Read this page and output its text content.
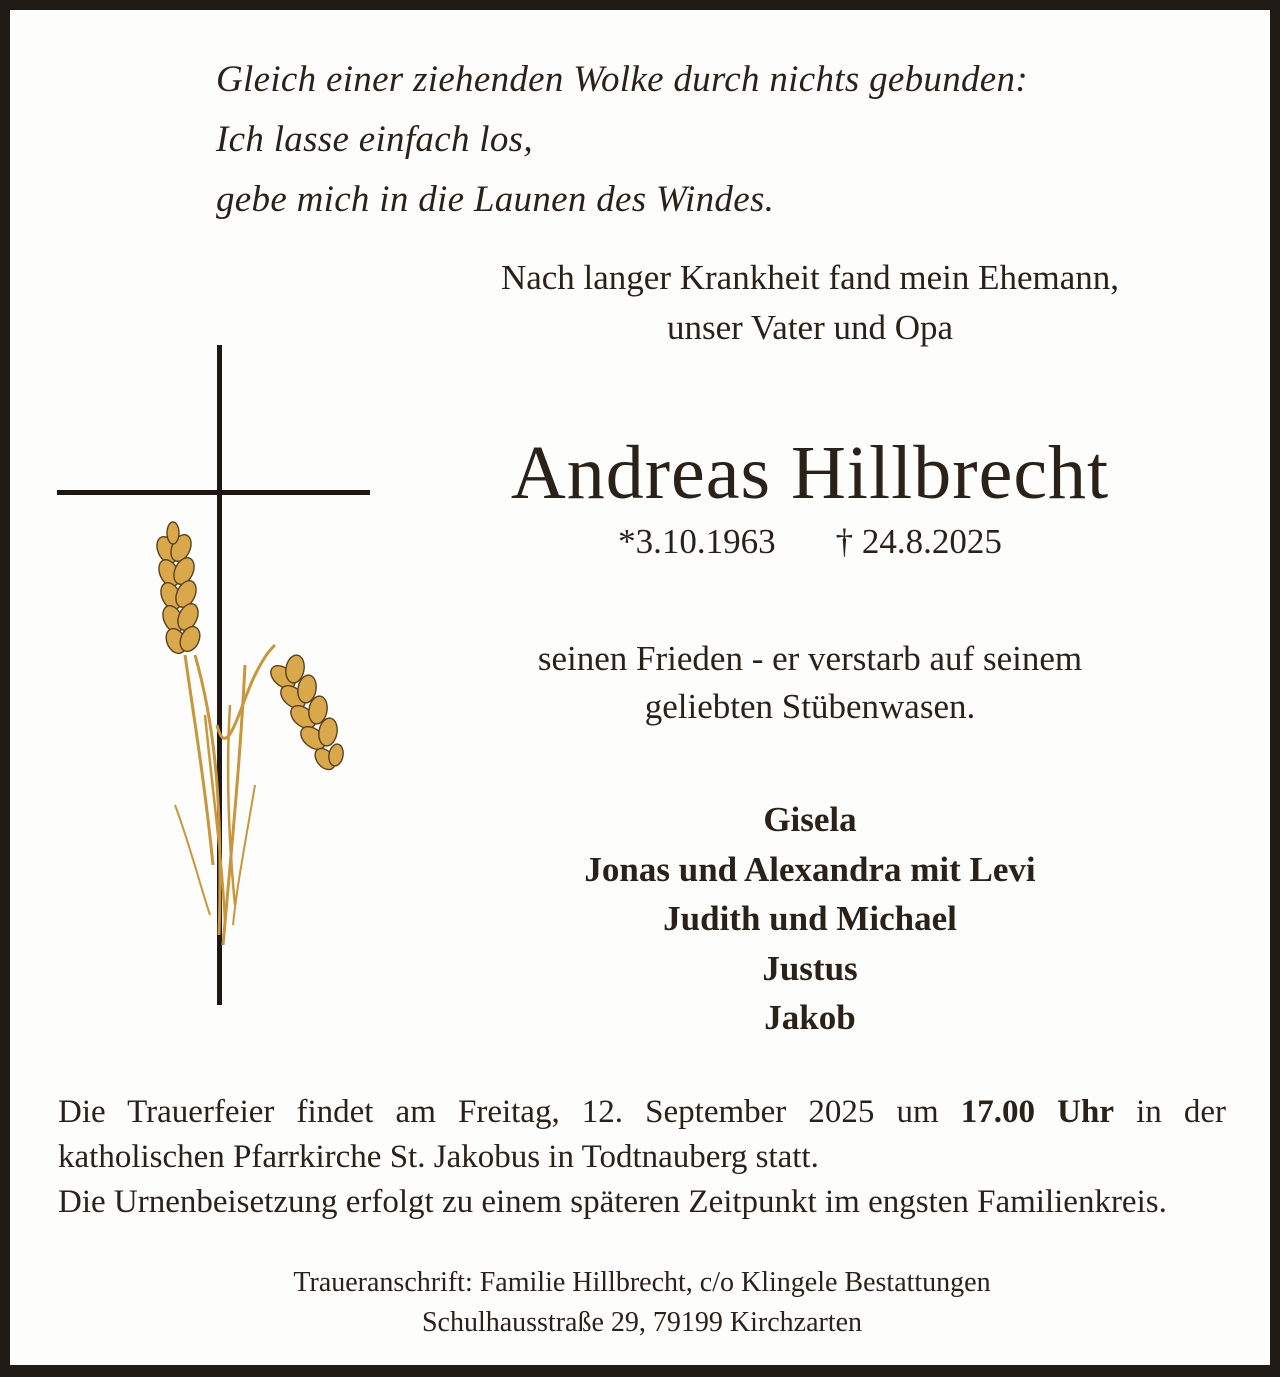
Gleich einer ziehenden Wolke durch nichts gebunden:
Ich lasse einfach los,
gebe mich in die Launen des Windes.
Nach langer Krankheit fand mein Ehemann,
unser Vater und Opa
Andreas Hillbrecht
*3.10.1963 † 24.8.2025
seinen Frieden - er verstarb auf seinem
geliebten Stübenwasen.
Gisela
Jonas und Alexandra mit Levi
Judith und Michael
Justus
Jakob

Die Trauerfeier findet am Freitag, 12. September 2025 um 17.00 Uhr in der katholischen Pfarrkirche St. Jakobus in Todtnauberg statt.

Die Urnenbeisetzung erfolgt zu einem späteren Zeitpunkt im engsten Familienkreis.

Traueranschrift: Familie Hillbrecht, c/o Klingele Bestattungen
Schulhausstraße 29, 79199 Kirchzarten
